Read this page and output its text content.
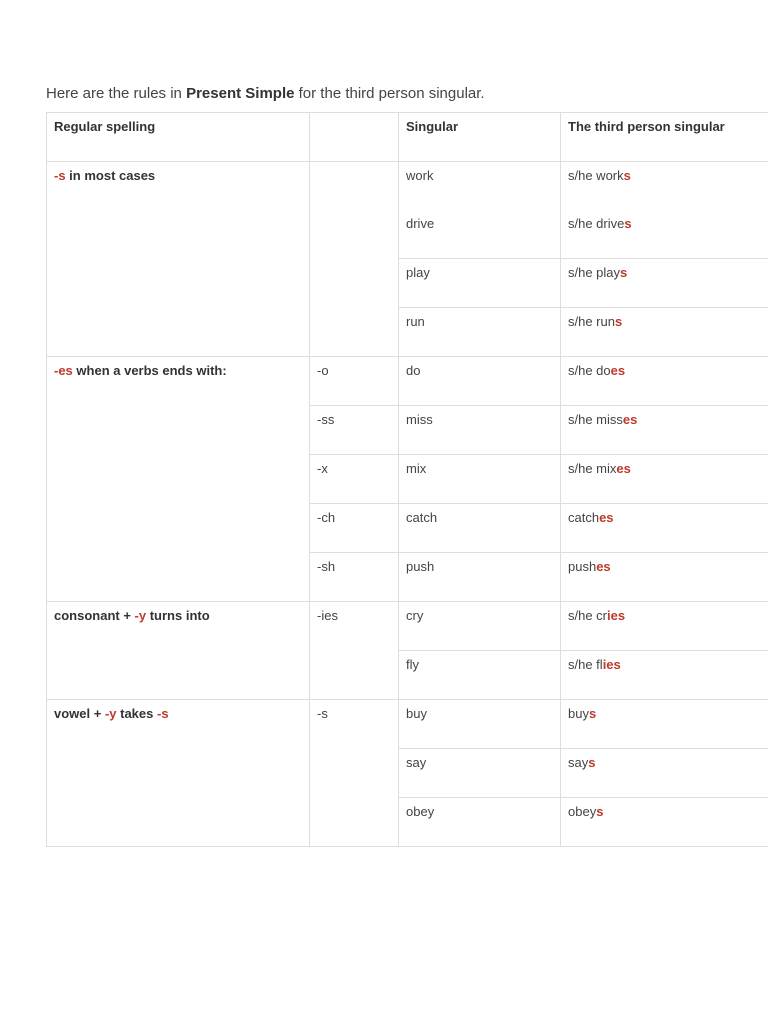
Here are the rules in Present Simple for the third person singular.
Regular spelling		Singular	The third person singular
-s in most cases		work	s/he works
		drive	s/he drives
		play	s/he plays
		run	s/he runs
-es when a verbs ends with:	-o	do	s/he does
	-ss	miss	s/he misses
	-x	mix	s/he mixes
	-ch	catch	catches
	-sh	push	pushes
consonant + -y turns into	-ies	cry	s/he cries
		fly	s/he flies
vowel + -y takes -s	-s	buy	buys
		say	says
		obey	obeys
